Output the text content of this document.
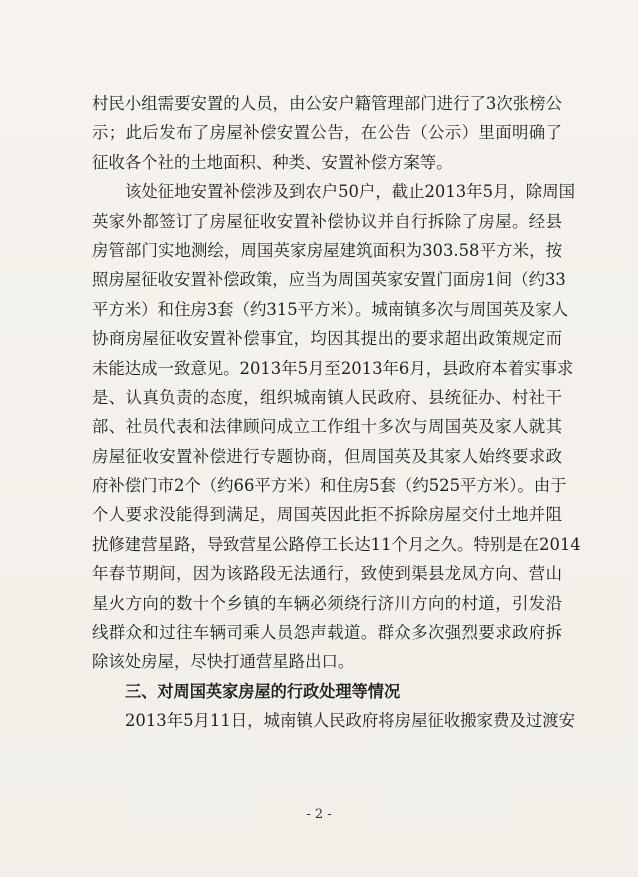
村民小组需要安置的人员，由公安户籍管理部门进行了3次张榜公
示；此后发布了房屋补偿安置公告，在公告（公示）里面明确了
征收各个社的土地面积、种类、安置补偿方案等。
该处征地安置补偿涉及到农户50户，截止2013年5月，除周国
英家外都签订了房屋征收安置补偿协议并自行拆除了房屋。经县
房管部门实地测绘，周国英家房屋建筑面积为303.58平方米，按
照房屋征收安置补偿政策，应当为周国英家安置门面房1间（约33
平方米）和住房3套（约315平方米）。城南镇多次与周国英及家人
协商房屋征收安置补偿事宜，均因其提出的要求超出政策规定而
未能达成一致意见。2013年5月至2013年6月，县政府本着实事求
是、认真负责的态度，组织城南镇人民政府、县统征办、村社干
部、社员代表和法律顾问成立工作组十多次与周国英及家人就其
房屋征收安置补偿进行专题协商，但周国英及其家人始终要求政
府补偿门市2个（约66平方米）和住房5套（约525平方米）。由于
个人要求没能得到满足，周国英因此拒不拆除房屋交付土地并阻
扰修建营星路，导致营星公路停工长达11个月之久。特别是在2014
年春节期间，因为该路段无法通行，致使到渠县龙凤方向、营山
星火方向的数十个乡镇的车辆必须绕行济川方向的村道，引发沿
线群众和过往车辆司乘人员怨声载道。群众多次强烈要求政府拆
除该处房屋，尽快打通营星路出口。
三、对周国英家房屋的行政处理等情况
2013年5月11日，城南镇人民政府将房屋征收搬家费及过渡安
- 2 -
